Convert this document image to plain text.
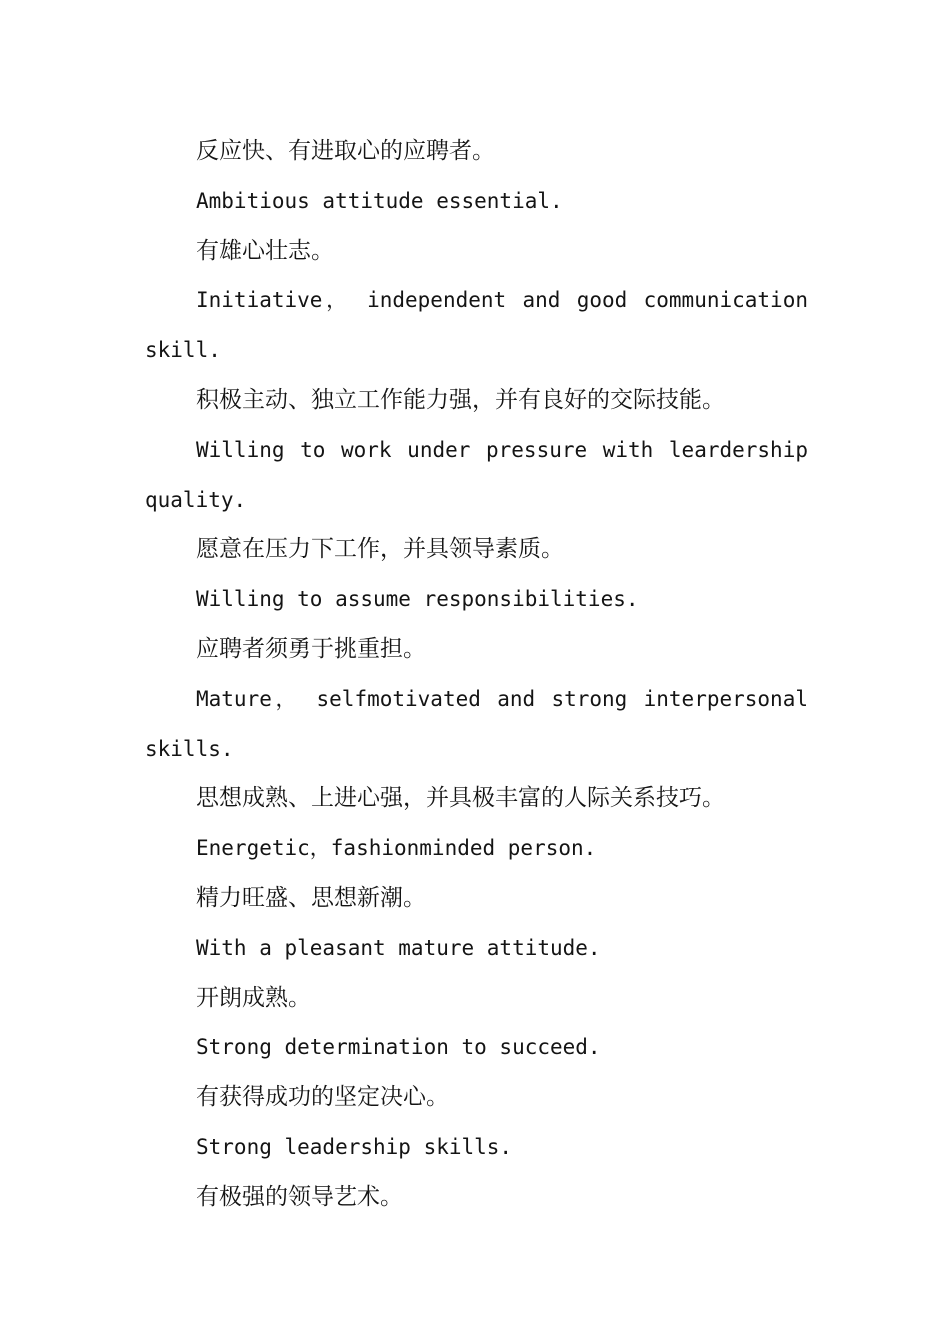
反应快、有进取心的应聘者。

Ambitious attitude essential.

有雄心壮志。

Initiative， independent and good communication skill.

积极主动、独立工作能力强，并有良好的交际技能。

Willing to work under pressure with leardership quality.

愿意在压力下工作，并具领导素质。

Willing to assume responsibilities.

应聘者须勇于挑重担。

Mature， selfmotivated and strong interpersonal skills.

思想成熟、上进心强，并具极丰富的人际关系技巧。

Energetic，fashionminded person.

精力旺盛、思想新潮。

With a pleasant mature attitude.

开朗成熟。

Strong determination to succeed.

有获得成功的坚定决心。

Strong leadership skills.

有极强的领导艺术。
